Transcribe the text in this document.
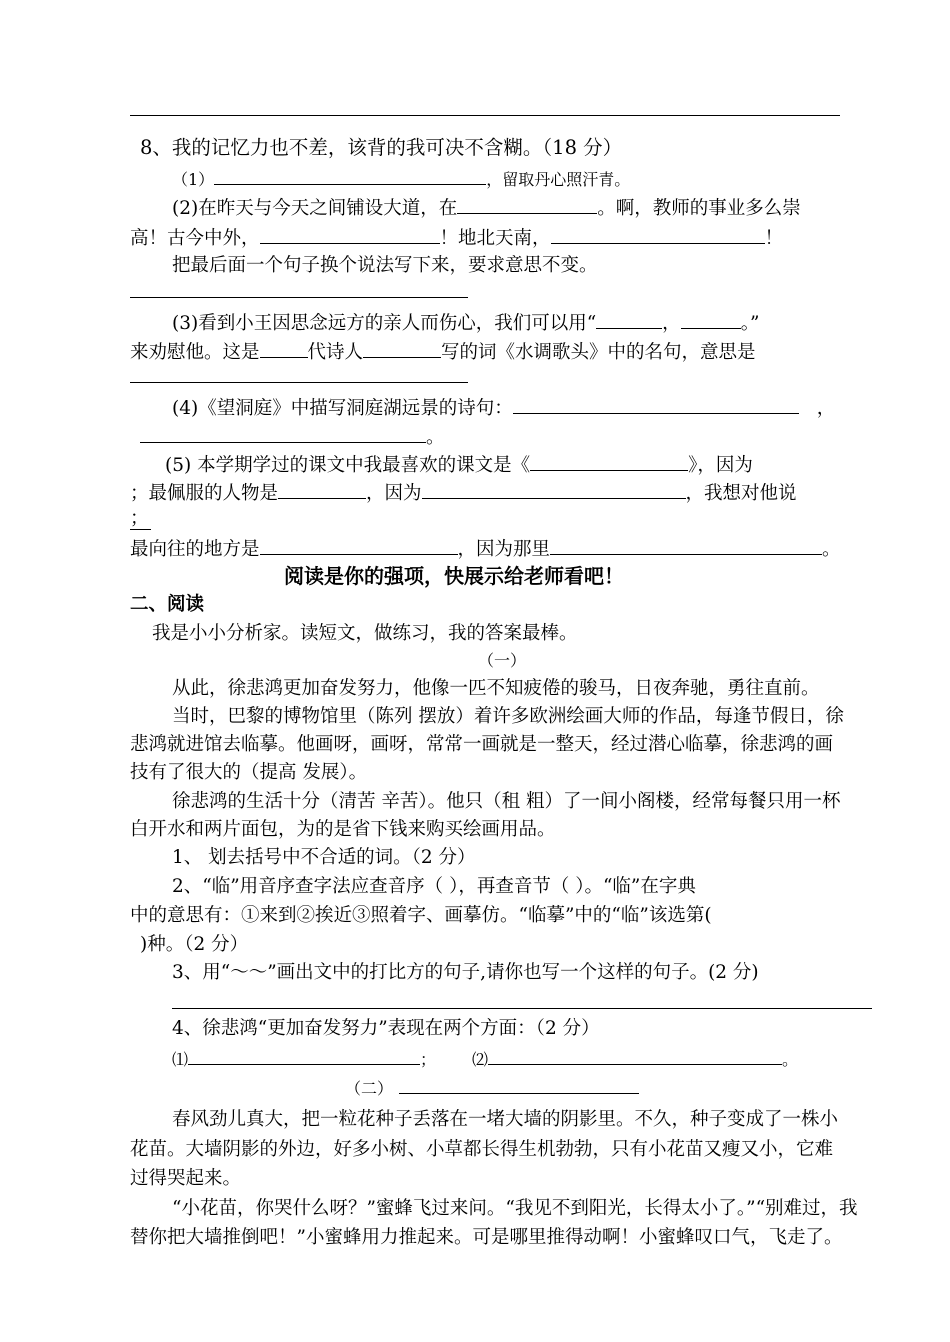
8、我的记忆力也不差，该背的我可决不含糊。（18 分）
（1）	，留取丹心照汗青。
(2)在昨天与今天之间铺设大道，在	。啊，教师的事业多么崇
高！古今中外，	！地北天南，	！
把最后面一个句子换个说法写下来，要求意思不变。
(3)看到小王因思念远方的亲人而伤心，我们可以用“	，	。”
来劝慰他。这是	代诗人	写的词《水调歌头》中的名句，意思是
(4)《望洞庭》中描写洞庭湖远景的诗句：	，
。
(5) 本学期学过的课文中我最喜欢的课文是《	》，因为
；最佩服的人物是	，因为	，我想对他说
；
最向往的地方是	，因为那里	。
阅读是你的强项，快展示给老师看吧！
二、阅读
我是小小分析家。读短文，做练习，我的答案最棒。
（一）
从此，徐悲鸿更加奋发努力，他像一匹不知疲倦的骏马，日夜奔驰，勇往直前。
当时，巴黎的博物馆里（陈列 摆放）着许多欧洲绘画大师的作品，每逢节假日，徐
悲鸿就进馆去临摹。他画呀，画呀，常常一画就是一整天，经过潜心临摹，徐悲鸿的画
技有了很大的（提高 发展）。
徐悲鸿的生活十分（清苦 辛苦）。他只（租 粗）了一间小阁楼，经常每餐只用一杯
白开水和两片面包，为的是省下钱来购买绘画用品。
1、 划去括号中不合适的词。（2 分）
2、“临”用音序查字法应查音序（ ），再查音节（ ）。“临”在字典
中的意思有：①来到②挨近③照着字、画摹仿。“临摹”中的“临”该选第(
)种。（2 分）
3、用“～～”画出文中的打比方的句子,请你也写一个这样的句子。(2 分)
4、徐悲鸿“更加奋发努力”表现在两个方面：（2 分）
⑴	； ⑵	。
（二）
春风劲儿真大，把一粒花种子丢落在一堵大墙的阴影里。不久，种子变成了一株小
花苗。大墙阴影的外边，好多小树、小草都长得生机勃勃，只有小花苗又瘦又小，它难
过得哭起来。
“小花苗，你哭什么呀？”蜜蜂飞过来问。“我见不到阳光，长得太小了。”“别难过，我
替你把大墙推倒吧！”小蜜蜂用力推起来。可是哪里推得动啊！小蜜蜂叹口气，飞走了。
